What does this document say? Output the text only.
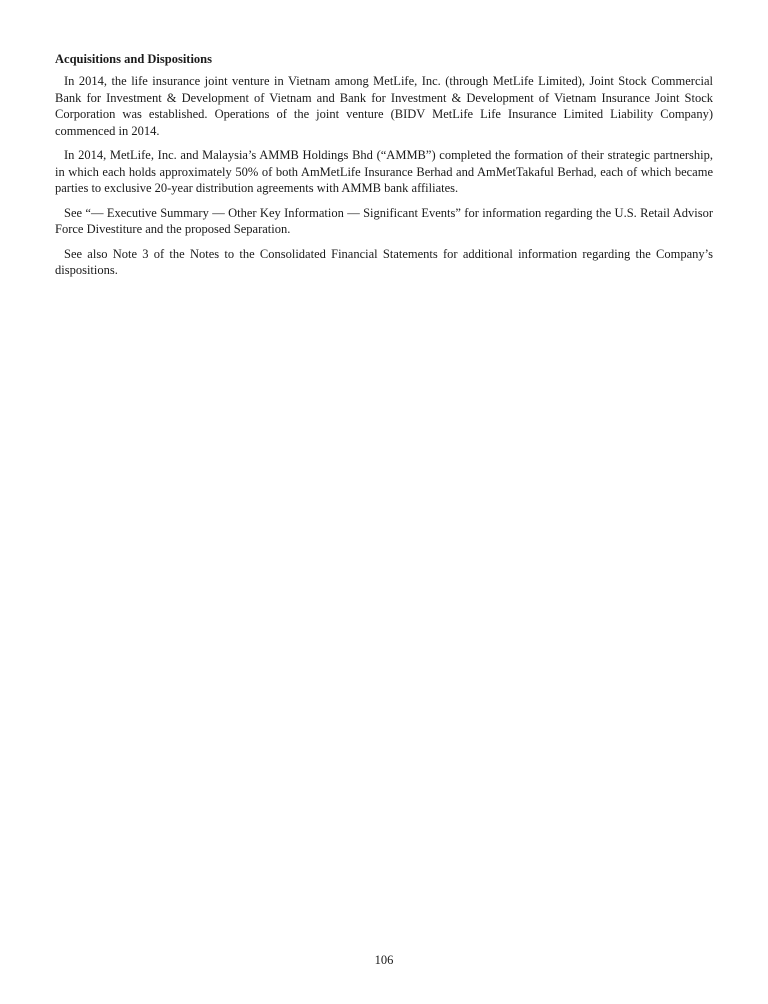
Acquisitions and Dispositions

In 2014, the life insurance joint venture in Vietnam among MetLife, Inc. (through MetLife Limited), Joint Stock Commercial Bank for Investment & Development of Vietnam and Bank for Investment & Development of Vietnam Insurance Joint Stock Corporation was established. Operations of the joint venture (BIDV MetLife Life Insurance Limited Liability Company) commenced in 2014.

In 2014, MetLife, Inc. and Malaysia’s AMMB Holdings Bhd (“AMMB”) completed the formation of their strategic partnership, in which each holds approximately 50% of both AmMetLife Insurance Berhad and AmMetTakaful Berhad, each of which became parties to exclusive 20-year distribution agreements with AMMB bank affiliates.

See “— Executive Summary — Other Key Information — Significant Events” for information regarding the U.S. Retail Advisor Force Divestiture and the proposed Separation.

See also Note 3 of the Notes to the Consolidated Financial Statements for additional information regarding the Company’s dispositions.

106
